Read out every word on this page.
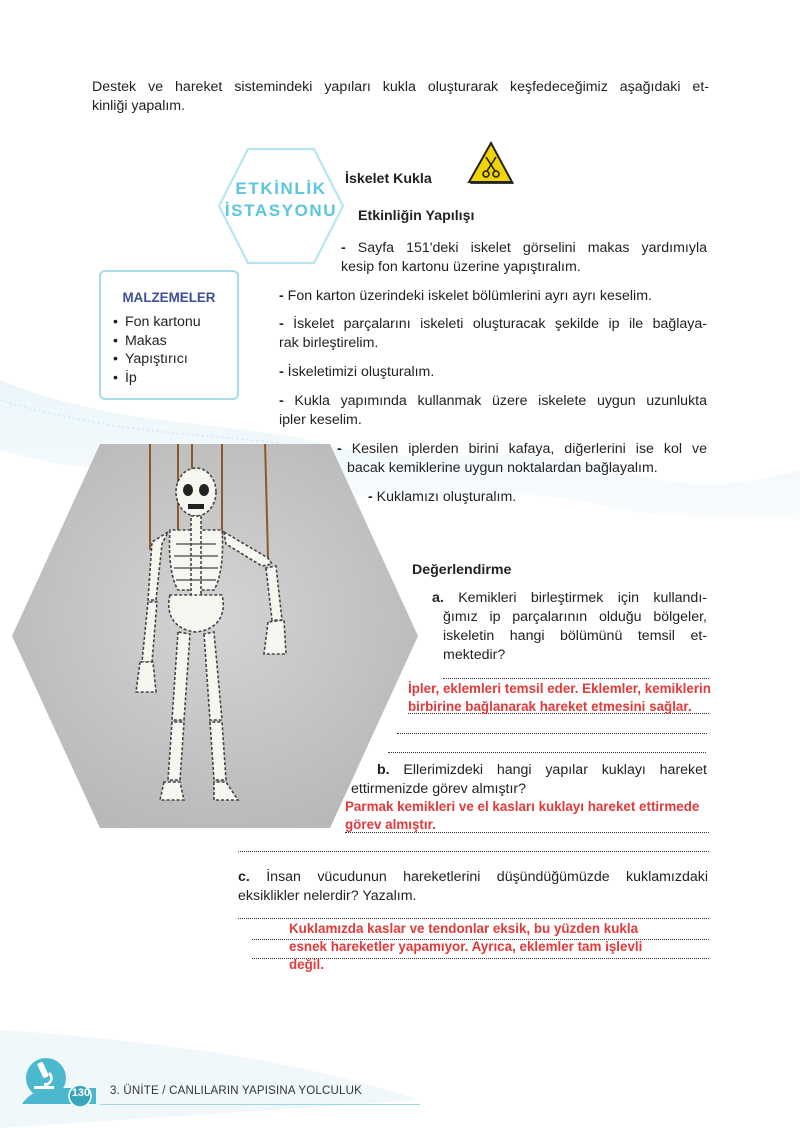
Destek ve hareket sistemindeki yapıları kukla oluşturarak keşfedeceğimiz aşağıdaki et-
kinliği yapalım.
ETKİNLİK
İSTASYONU
İskelet Kukla
Etkinliğin Yapılışı
MALZEMELER
• Fon kartonu
• Makas
• Yapıştırıcı
• İp
- Sayfa 151'deki iskelet görselini makas yardımıyla
kesip fon kartonu üzerine yapıştıralım.
- Fon karton üzerindeki iskelet bölümlerini ayrı ayrı keselim.
- İskelet parçalarını iskeleti oluşturacak şekilde ip ile bağlaya-
rak birleştirelim.
- İskeletimizi oluşturalım.
- Kukla yapımında kullanmak üzere iskelete uygun uzunlukta
ipler keselim.
- Kesilen iplerden birini kafaya, diğerlerini ise kol ve
bacak kemiklerine uygun noktalardan bağlayalım.
- Kuklamızı oluşturalım.
Değerlendirme
a. Kemikleri birleştirmek için kullandı-
ğımız ip parçalarının olduğu bölgeler,
iskeletin hangi bölümünü temsil et-
mektedir?
İpler, eklemleri temsil eder. Eklemler, kemiklerin
birbirine bağlanarak hareket etmesini sağlar.
b. Ellerimizdeki hangi yapılar kuklayı hareket
ettirmenizde görev almıştır?
Parmak kemikleri ve el kasları kuklayı hareket ettirmede
görev almıştır.
c. İnsan vücudunun hareketlerini düşündüğümüzde kuklamızdaki
eksiklikler nelerdir? Yazalım.
Kuklamızda kaslar ve tendonlar eksik, bu yüzden kukla
esnek hareketler yapamıyor. Ayrıca, eklemler tam işlevli
değil.
130 3. ÜNİTE / CANLILARIN YAPISINA YOLCULUK
